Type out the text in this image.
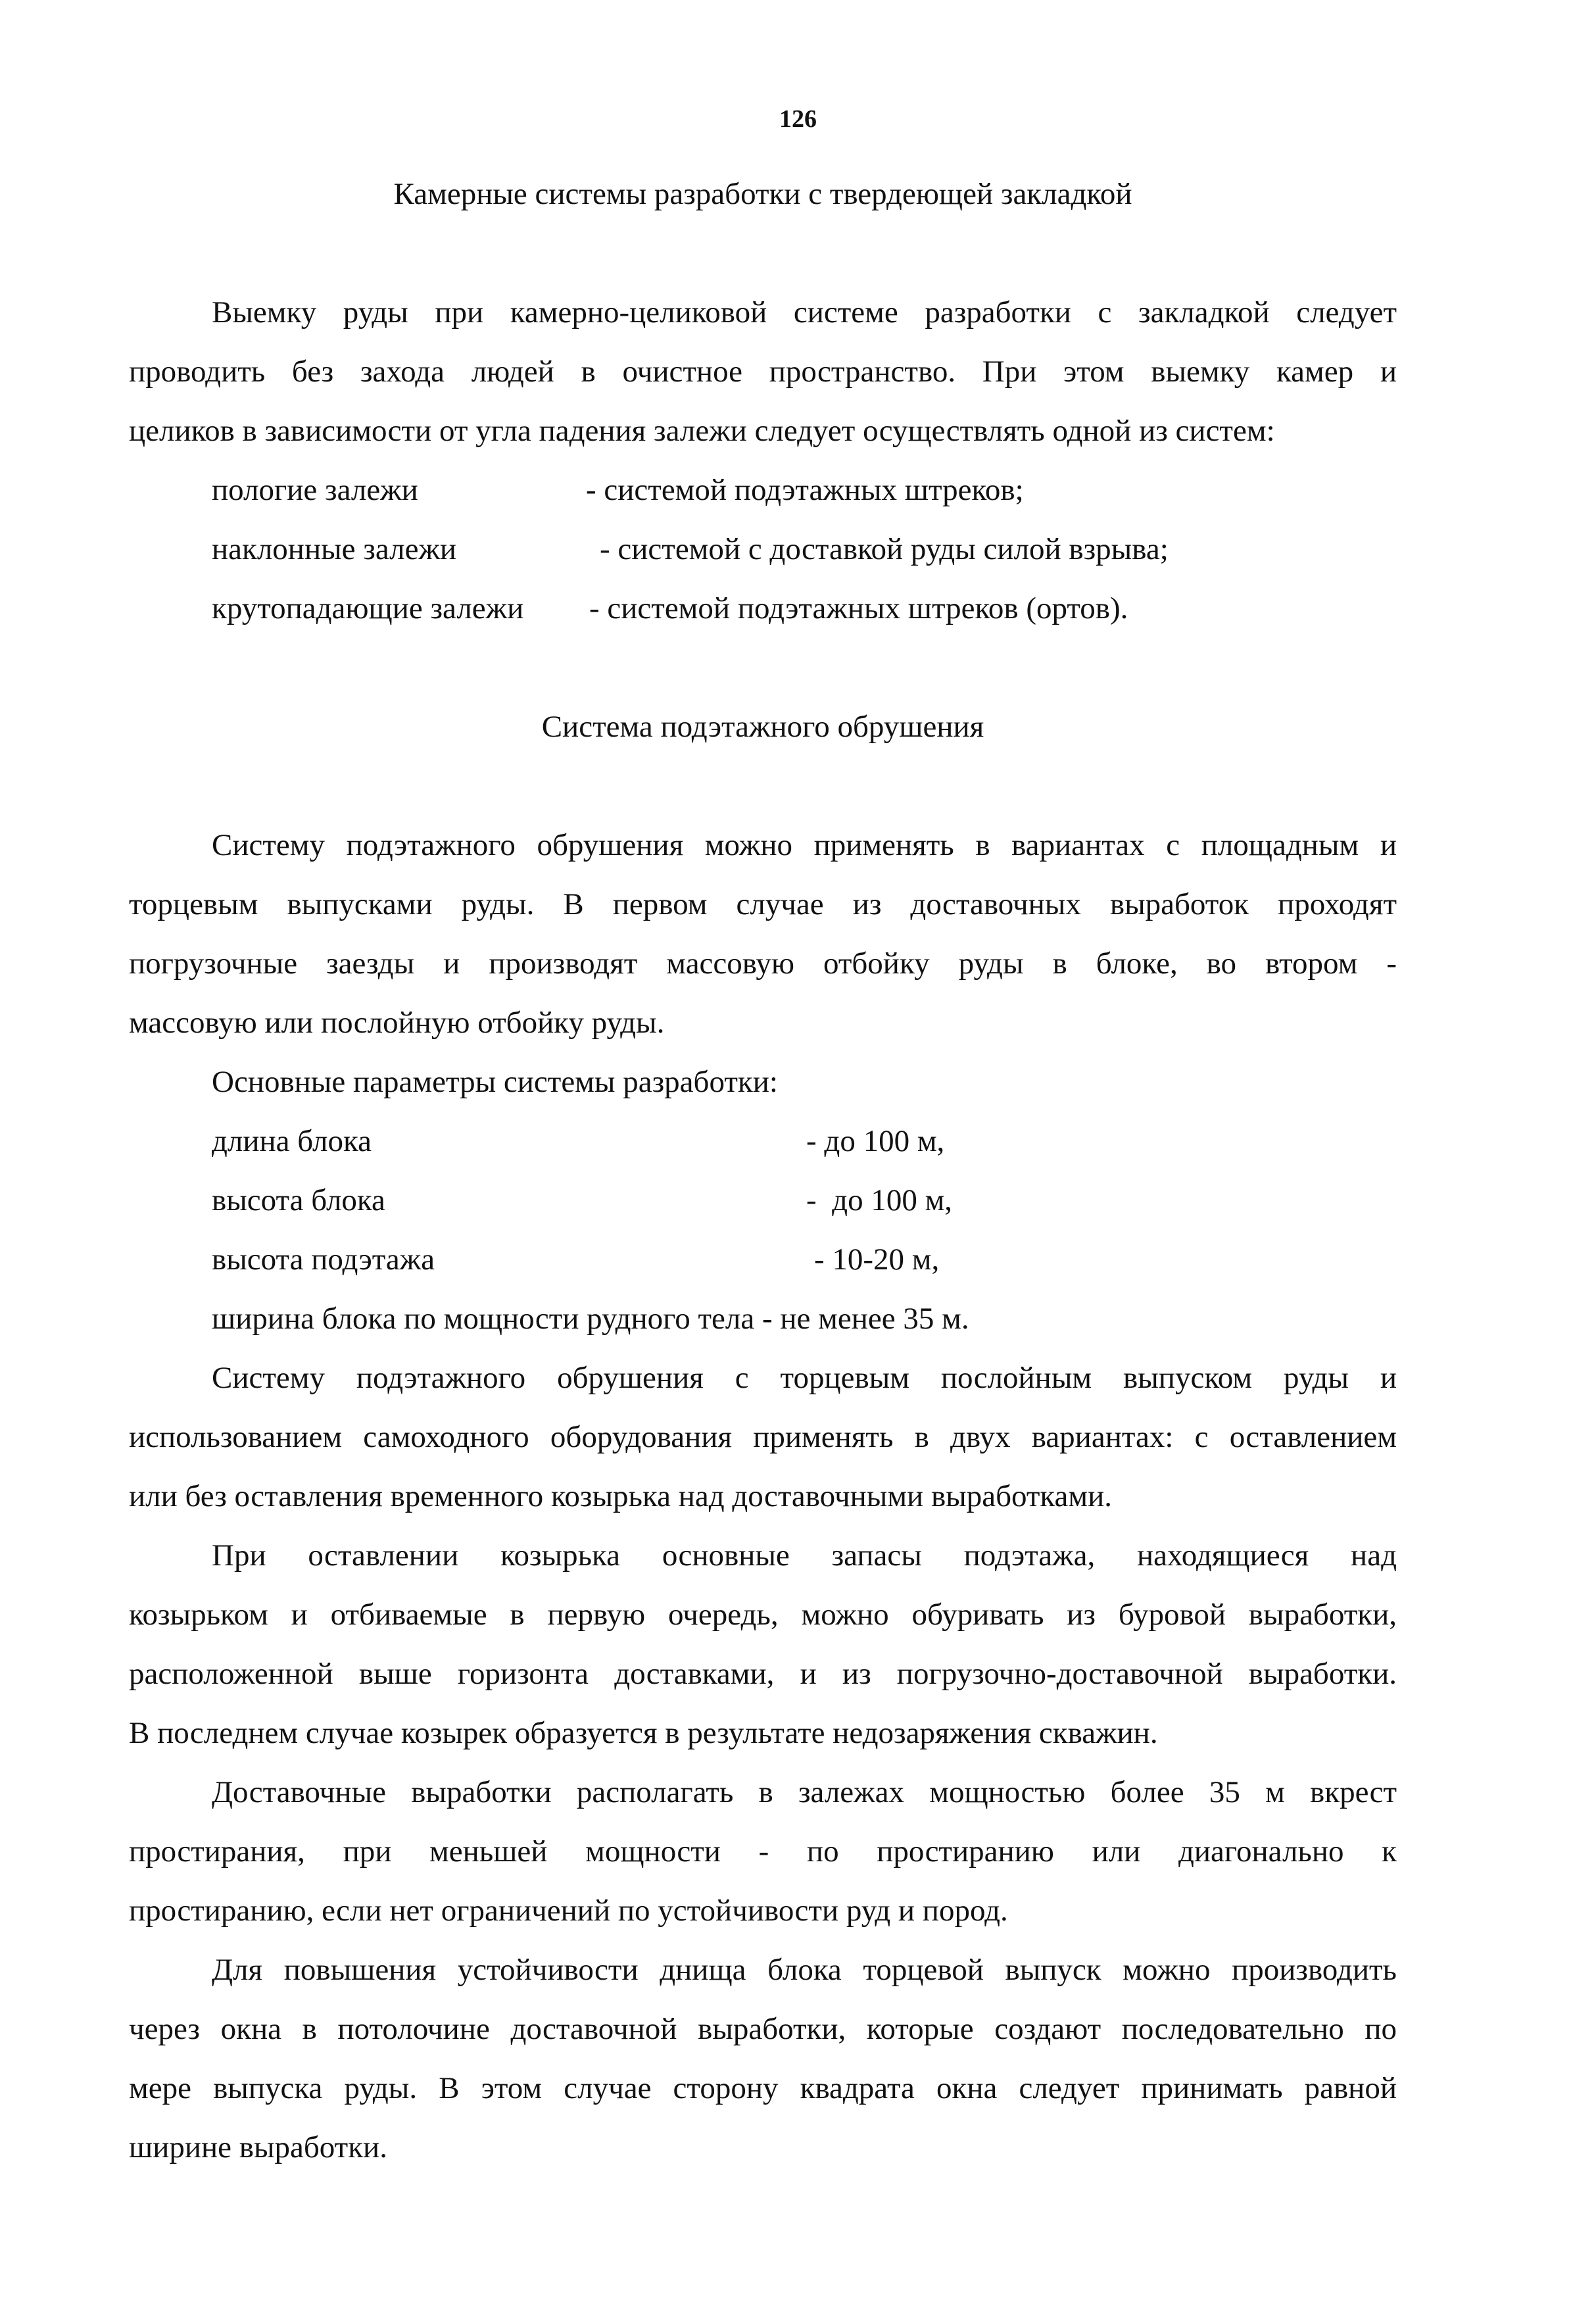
126

Камерные системы разработки с твердеющей закладкой

Выемку руды при камерно-целиковой системе разработки с закладкой следует
проводить без захода людей в очистное пространство. При этом выемку камер и
целиков в зависимости от угла падения залежи следует осуществлять одной из систем:
пологие залежи	- системой подэтажных штреков;
наклонные залежи	- системой с доставкой руды силой взрыва;
крутопадающие залежи - системой подэтажных штреков (ортов).

Система подэтажного обрушения

Систему подэтажного обрушения можно применять в вариантах с площадным и
торцевым выпусками руды. В первом случае из доставочных выработок проходят
погрузочные заезды и производят массовую отбойку руды в блоке, во втором -
массовую или послойную отбойку руды.

Основные параметры системы разработки:

длина блока	- до 100 м,
высота блока	-  до 100 м,
высота подэтажа	- 10-20 м,

ширина блока по мощности рудного тела - не менее 35 м.

Систему подэтажного обрушения с торцевым послойным выпуском руды и
использованием самоходного оборудования применять в двух вариантах: с оставлением
или без оставления временного козырька над доставочными выработками.
При оставлении козырька основные запасы подэтажа, находящиеся над
козырьком и отбиваемые в первую очередь, можно обуривать из буровой выработки,
расположенной выше горизонта доставками, и из погрузочно-доставочной выработки.
В последнем случае козырек образуется в результате недозаряжения скважин.
Доставочные выработки располагать в залежах мощностью более 35 м вкрест
простирания, при меньшей мощности - по простиранию или диагонально к
простиранию, если нет ограничений по устойчивости руд и пород.
Для повышения устойчивости днища блока торцевой выпуск можно производить
через окна в потолочине доставочной выработки, которые создают последовательно по
мере выпуска руды. В этом случае сторону квадрата окна следует принимать равной
ширине выработки.
